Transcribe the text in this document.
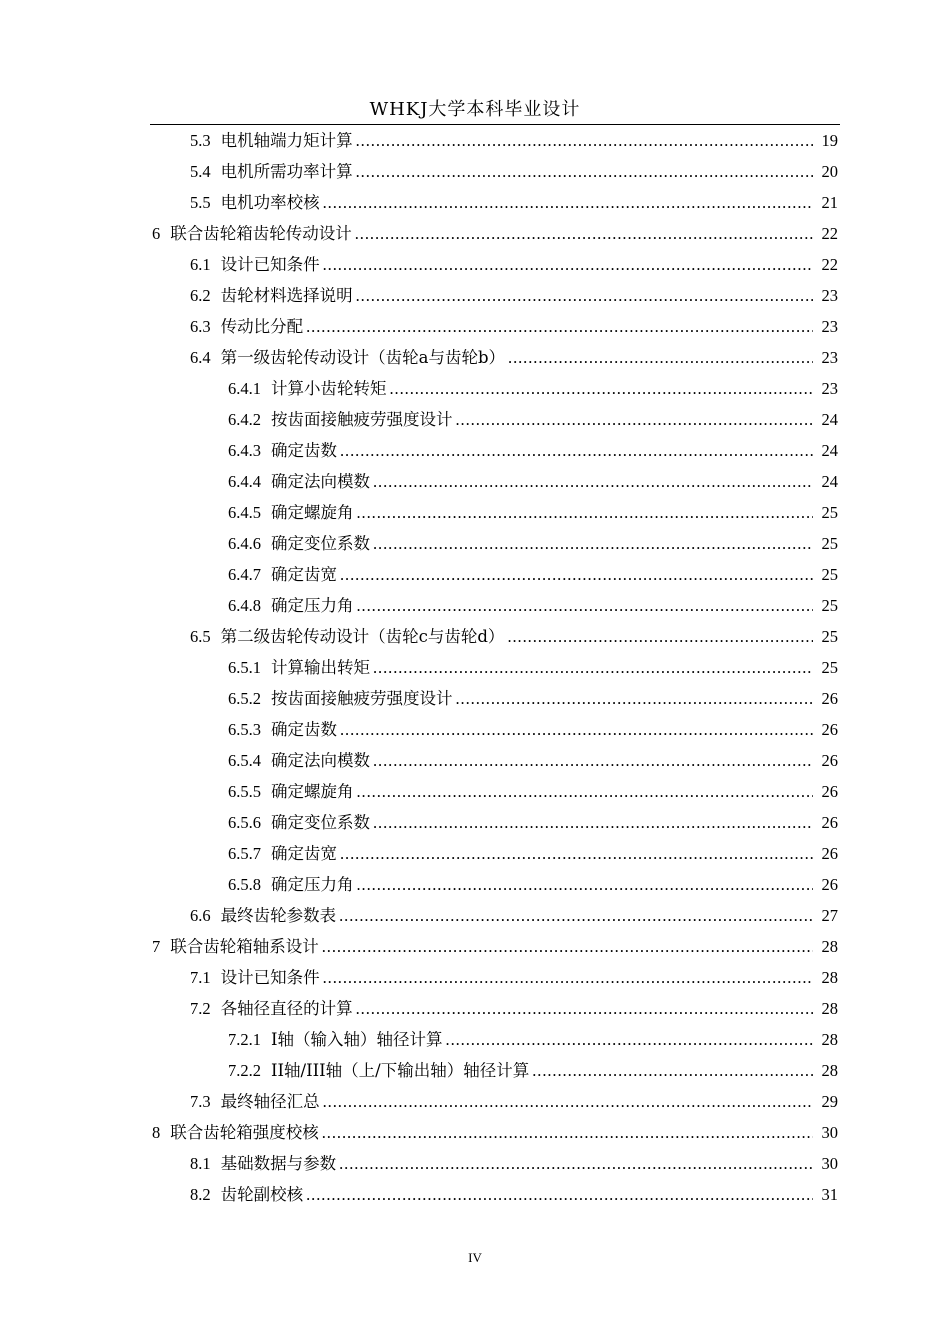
WHKJ大学本科毕业设计
5.3 电机轴端力矩计算 . . .	19
5.4 电机所需功率计算 . . .	20
5.5 电机功率校核 . . .	21
6 联合齿轮箱齿轮传动设计 . . .	22
6.1 设计已知条件 . . .	22
6.2 齿轮材料选择说明 . . .	23
6.3 传动比分配 . . .	23
6.4 第一级齿轮传动设计（齿轮a与齿轮b） . . .	23
6.4.1 计算小齿轮转矩 . . .	23
6.4.2 按齿面接触疲劳强度设计 . . .	24
6.4.3 确定齿数 . . .	24
6.4.4 确定法向模数 . . .	24
6.4.5 确定螺旋角 . . .	25
6.4.6 确定变位系数 . . .	25
6.4.7 确定齿宽 . . .	25
6.4.8 确定压力角 . . .	25
6.5 第二级齿轮传动设计（齿轮c与齿轮d） . . .	25
6.5.1 计算输出转矩 . . .	25
6.5.2 按齿面接触疲劳强度设计 . . .	26
6.5.3 确定齿数 . . .	26
6.5.4 确定法向模数 . . .	26
6.5.5 确定螺旋角 . . .	26
6.5.6 确定变位系数 . . .	26
6.5.7 确定齿宽 . . .	26
6.5.8 确定压力角 . . .	26
6.6 最终齿轮参数表 . . .	27
7 联合齿轮箱轴系设计 . . .	28
7.1 设计已知条件 . . .	28
7.2 各轴径直径的计算 . . .	28
7.2.1 I轴（输入轴）轴径计算 . . .	28
7.2.2 II轴/III轴（上/下输出轴）轴径计算 . . .	28
7.3 最终轴径汇总 . . .	29
8 联合齿轮箱强度校核 . . .	30
8.1 基础数据与参数 . . .	30
8.2 齿轮副校核 . . .	31
IV
